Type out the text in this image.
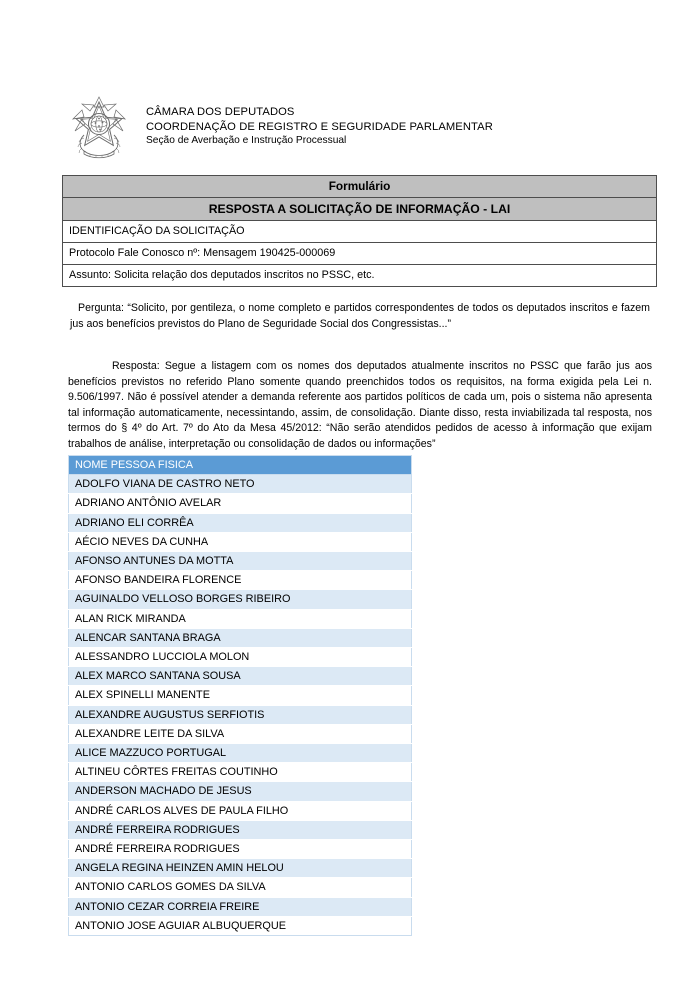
CÂMARA DOS DEPUTADOS
COORDENAÇÃO DE REGISTRO E SEGURIDADE PARLAMENTAR
Seção de Averbação e Instrução Processual
Formulário
RESPOSTA A SOLICITAÇÃO DE INFORMAÇÃO - LAI
IDENTIFICAÇÃO DA SOLICITAÇÃO
Protocolo Fale Conosco nº: Mensagem 190425-000069
Assunto: Solicita relação dos deputados inscritos no PSSC, etc.
Pergunta: “Solicito, por gentileza, o nome completo e partidos correspondentes de todos os deputados inscritos e fazem jus aos benefícios previstos do Plano de Seguridade Social dos Congressistas...”
Resposta: Segue a listagem com os nomes dos deputados atualmente inscritos no PSSC que farão jus aos benefícios previstos no referido Plano somente quando preenchidos todos os requisitos, na forma exigida pela Lei n. 9.506/1997. Não é possível atender a demanda referente aos partidos políticos de cada um, pois o sistema não apresenta tal informação automaticamente, necessintando, assim, de consolidação. Diante disso, resta inviabilizada tal resposta, nos termos do § 4º do Art. 7º do Ato da Mesa 45/2012: “Não serão atendidos pedidos de acesso à informação que exijam trabalhos de análise, interpretação ou consolidação de dados ou informações”
NOME PESSOA FISICA
ADOLFO VIANA DE CASTRO NETO
ADRIANO ANTÔNIO AVELAR
ADRIANO ELI CORRÊA
AÉCIO NEVES DA CUNHA
AFONSO ANTUNES DA MOTTA
AFONSO BANDEIRA FLORENCE
AGUINALDO VELLOSO BORGES RIBEIRO
ALAN RICK MIRANDA
ALENCAR SANTANA BRAGA
ALESSANDRO LUCCIOLA MOLON
ALEX MARCO SANTANA SOUSA
ALEX SPINELLI MANENTE
ALEXANDRE AUGUSTUS SERFIOTIS
ALEXANDRE LEITE DA SILVA
ALICE MAZZUCO PORTUGAL
ALTINEU CÔRTES FREITAS COUTINHO
ANDERSON MACHADO DE JESUS
ANDRÉ CARLOS ALVES DE PAULA FILHO
ANDRÉ FERREIRA RODRIGUES
ANDRÉ FERREIRA RODRIGUES
ANGELA REGINA HEINZEN AMIN HELOU
ANTONIO CARLOS GOMES DA SILVA
ANTONIO CEZAR CORREIA FREIRE
ANTONIO JOSE AGUIAR ALBUQUERQUE
